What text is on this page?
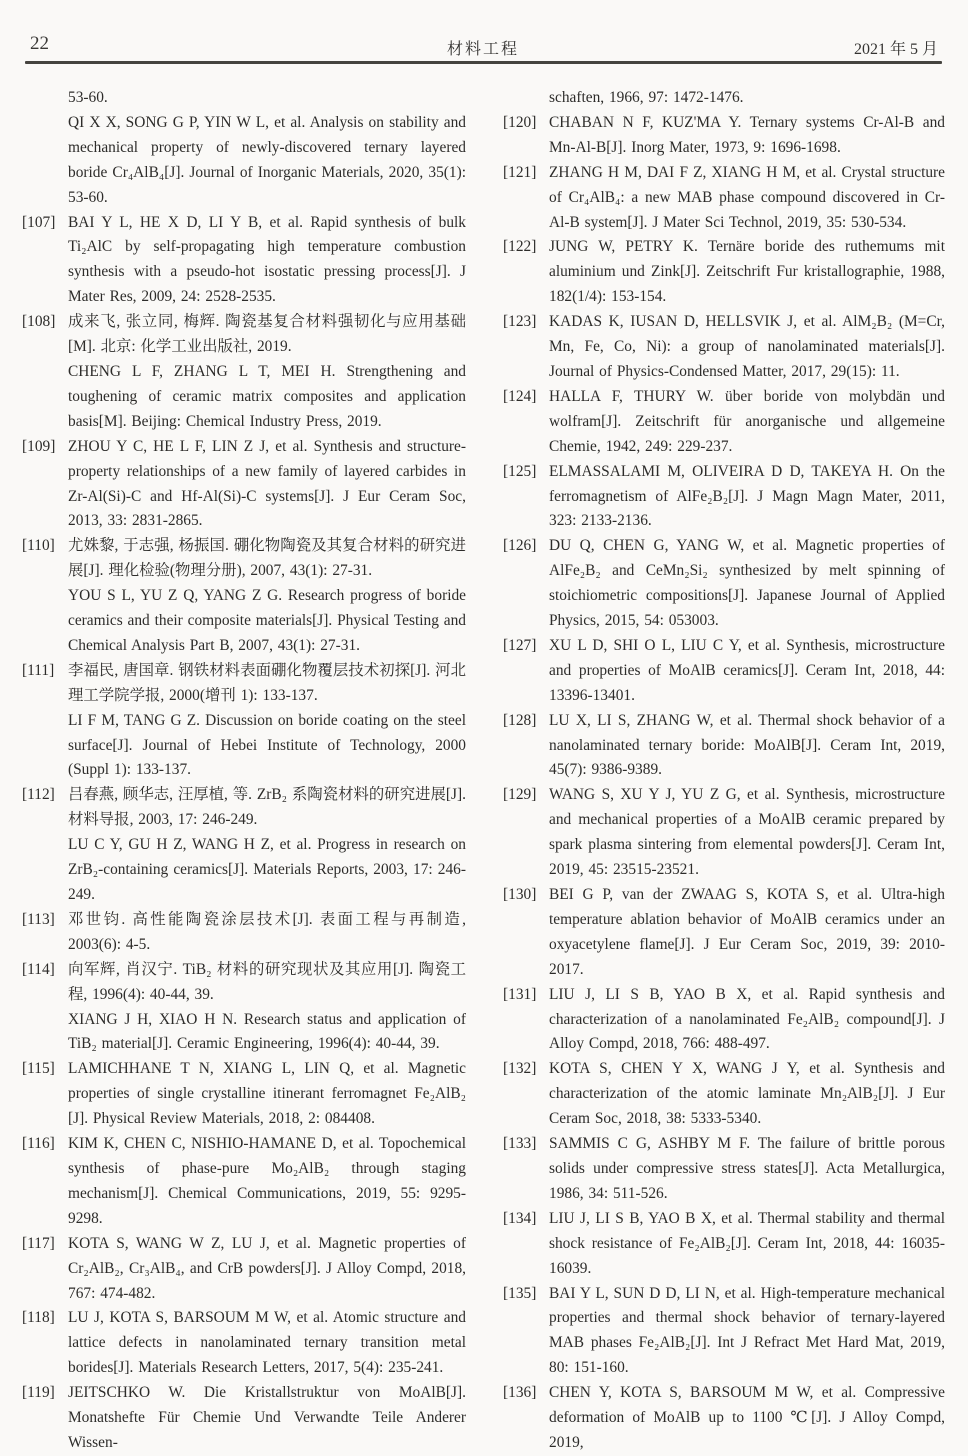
22	材料工程	2021 年 5 月
53-60.
QI X X, SONG G P, YIN W L, et al. Analysis on stability and mechanical property of newly-discovered ternary layered boride Cr₄AlB₄[J]. Journal of Inorganic Materials, 2020, 35(1): 53-60.
[107] BAI Y L, HE X D, LI Y B, et al. Rapid synthesis of bulk Ti₂AlC by self-propagating high temperature combustion synthesis with a pseudo-hot isostatic pressing process[J]. J Mater Res, 2009, 24: 2528-2535.
[108] 成来飞, 张立同, 梅辉. 陶瓷基复合材料强韧化与应用基础[M]. 北京: 化学工业出版社, 2019.
CHENG L F, ZHANG L T, MEI H. Strengthening and toughening of ceramic matrix composites and application basis[M]. Beijing: Chemical Industry Press, 2019.
[109] ZHOU Y C, HE L F, LIN Z J, et al. Synthesis and structure-property relationships of a new family of layered carbides in Zr-Al(Si)-C and Hf-Al(Si)-C systems[J]. J Eur Ceram Soc, 2013, 33: 2831-2865.
[110] 尤姝黎, 于志强, 杨振国. 硼化物陶瓷及其复合材料的研究进展[J]. 理化检验(物理分册), 2007, 43(1): 27-31.
YOU S L, YU Z Q, YANG Z G. Research progress of boride ceramics and their composite materials[J]. Physical Testing and Chemical Analysis Part B, 2007, 43(1): 27-31.
[111] 李福民, 唐国章. 钢铁材料表面硼化物覆层技术初探[J]. 河北理工学院学报, 2000(增刊 1): 133-137.
LI F M, TANG G Z. Discussion on boride coating on the steel surface[J]. Journal of Hebei Institute of Technology, 2000 (Suppl 1): 133-137.
[112] 吕春燕, 顾华志, 汪厚植, 等. ZrB₂ 系陶瓷材料的研究进展[J]. 材料导报, 2003, 17: 246-249.
LU C Y, GU H Z, WANG H Z, et al. Progress in research on ZrB₂-containing ceramics[J]. Materials Reports, 2003, 17: 246-249.
[113] 邓世钧. 高性能陶瓷涂层技术[J]. 表面工程与再制造, 2003(6): 4-5.
[114] 向军辉, 肖汉宁. TiB₂ 材料的研究现状及其应用[J]. 陶瓷工程, 1996(4): 40-44, 39.
XIANG J H, XIAO H N. Research status and application of TiB₂ material[J]. Ceramic Engineering, 1996(4): 40-44, 39.
[115] LAMICHHANE T N, XIANG L, LIN Q, et al. Magnetic properties of single crystalline itinerant ferromagnet Fe₂AlB₂ [J]. Physical Review Materials, 2018, 2: 084408.
[116] KIM K, CHEN C, NISHIO-HAMANE D, et al. Topochemical synthesis of phase-pure Mo₂AlB₂ through staging mechanism[J]. Chemical Communications, 2019, 55: 9295-9298.
[117] KOTA S, WANG W Z, LU J, et al. Magnetic properties of Cr₂AlB₂, Cr₃AlB₄, and CrB powders[J]. J Alloy Compd, 2018, 767: 474-482.
[118] LU J, KOTA S, BARSOUM M W, et al. Atomic structure and lattice defects in nanolaminated ternary transition metal borides[J]. Materials Research Letters, 2017, 5(4): 235-241.
[119] JEITSCHKO W. Die Kristallstruktur von MoAlB[J]. Monatshefte Für Chemie Und Verwandte Teile Anderer Wissen-
schaften, 1966, 97: 1472-1476.
[120] CHABAN N F, KUZ'MA Y. Ternary systems Cr-Al-B and Mn-Al-B[J]. Inorg Mater, 1973, 9: 1696-1698.
[121] ZHANG H M, DAI F Z, XIANG H M, et al. Crystal structure of Cr₄AlB₄: a new MAB phase compound discovered in Cr-Al-B system[J]. J Mater Sci Technol, 2019, 35: 530-534.
[122] JUNG W, PETRY K. Ternäre boride des ruthemums mit aluminium und Zink[J]. Zeitschrift Fur kristallographie, 1988, 182(1/4): 153-154.
[123] KADAS K, IUSAN D, HELLSVIK J, et al. AlM₂B₂ (M=Cr, Mn, Fe, Co, Ni): a group of nanolaminated materials[J]. Journal of Physics-Condensed Matter, 2017, 29(15): 11.
[124] HALLA F, THURY W. über boride von molybdän und wolfram[J]. Zeitschrift für anorganische und allgemeine Chemie, 1942, 249: 229-237.
[125] ELMASSALAMI M, OLIVEIRA D D, TAKEYA H. On the ferromagnetism of AlFe₂B₂[J]. J Magn Magn Mater, 2011, 323: 2133-2136.
[126] DU Q, CHEN G, YANG W, et al. Magnetic properties of AlFe₂B₂ and CeMn₂Si₂ synthesized by melt spinning of stoichiometric compositions[J]. Japanese Journal of Applied Physics, 2015, 54: 053003.
[127] XU L D, SHI O L, LIU C Y, et al. Synthesis, microstructure and properties of MoAlB ceramics[J]. Ceram Int, 2018, 44: 13396-13401.
[128] LU X, LI S, ZHANG W, et al. Thermal shock behavior of a nanolaminated ternary boride: MoAlB[J]. Ceram Int, 2019, 45(7): 9386-9389.
[129] WANG S, XU Y J, YU Z G, et al. Synthesis, microstructure and mechanical properties of a MoAlB ceramic prepared by spark plasma sintering from elemental powders[J]. Ceram Int, 2019, 45: 23515-23521.
[130] BEI G P, van der ZWAAG S, KOTA S, et al. Ultra-high temperature ablation behavior of MoAlB ceramics under an oxyacetylene flame[J]. J Eur Ceram Soc, 2019, 39: 2010-2017.
[131] LIU J, LI S B, YAO B X, et al. Rapid synthesis and characterization of a nanolaminated Fe₂AlB₂ compound[J]. J Alloy Compd, 2018, 766: 488-497.
[132] KOTA S, CHEN Y X, WANG J Y, et al. Synthesis and characterization of the atomic laminate Mn₂AlB₂[J]. J Eur Ceram Soc, 2018, 38: 5333-5340.
[133] SAMMIS C G, ASHBY M F. The failure of brittle porous solids under compressive stress states[J]. Acta Metallurgica, 1986, 34: 511-526.
[134] LIU J, LI S B, YAO B X, et al. Thermal stability and thermal shock resistance of Fe₂AlB₂[J]. Ceram Int, 2018, 44: 16035-16039.
[135] BAI Y L, SUN D D, LI N, et al. High-temperature mechanical properties and thermal shock behavior of ternary-layered MAB phases Fe₂AlB₂[J]. Int J Refract Met Hard Mat, 2019, 80: 151-160.
[136] CHEN Y, KOTA S, BARSOUM M W, et al. Compressive deformation of MoAlB up to 1100 ℃[J]. J Alloy Compd, 2019,
